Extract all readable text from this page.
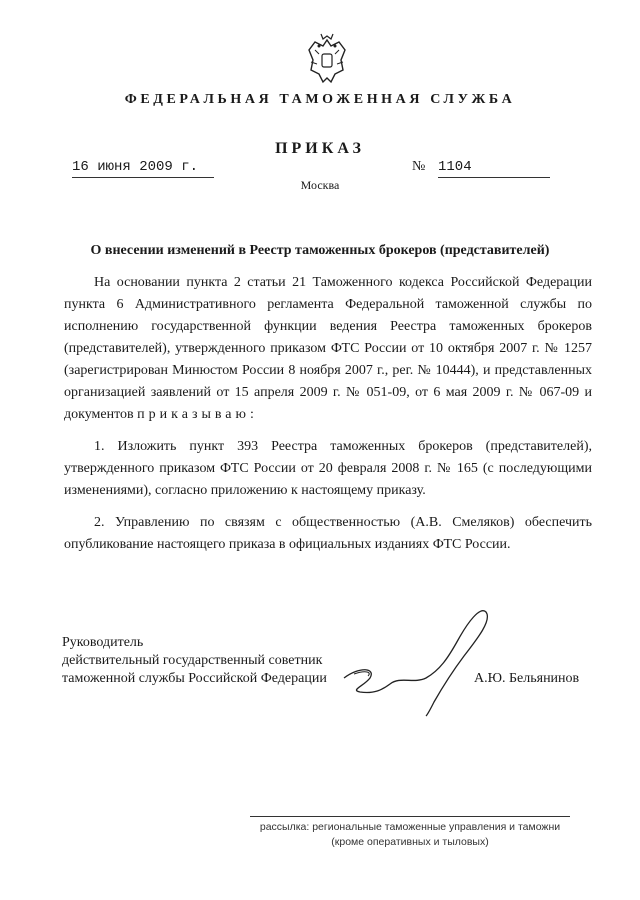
ФЕДЕРАЛЬНАЯ ТАМОЖЕННАЯ СЛУЖБА
ПРИКАЗ
16 июня 2009 г.	№ 1104
Москва
О внесении изменений в Реестр таможенных брокеров (представителей)

На основании пункта 2 статьи 21 Таможенного кодекса Российской Федерации пункта 6 Административного регламента Федеральной таможенной службы по исполнению государственной функции ведения Реестра таможенных брокеров (представителей), утвержденного приказом ФТС России от 10 октября 2007 г. № 1257 (зарегистрирован Минюстом России 8 ноября 2007 г., рег. № 10444), и представленных организацией заявлений от 15 апреля 2009 г. № 051-09, от 6 мая 2009 г. № 067-09 и документов приказываю:

1. Изложить пункт 393 Реестра таможенных брокеров (представителей), утвержденного приказом ФТС России от 20 февраля 2008 г. № 165 (с последующими изменениями), согласно приложению к настоящему приказу.

2. Управлению по связям с общественностью (А.В. Смеляков) обеспечить опубликование настоящего приказа в официальных изданиях ФТС России.

Руководитель
действительный государственный советник
таможенной службы Российской Федерации	А.Ю. Бельянинов
рассылка: региональные таможенные управления и таможни
(кроме оперативных и тыловых)
